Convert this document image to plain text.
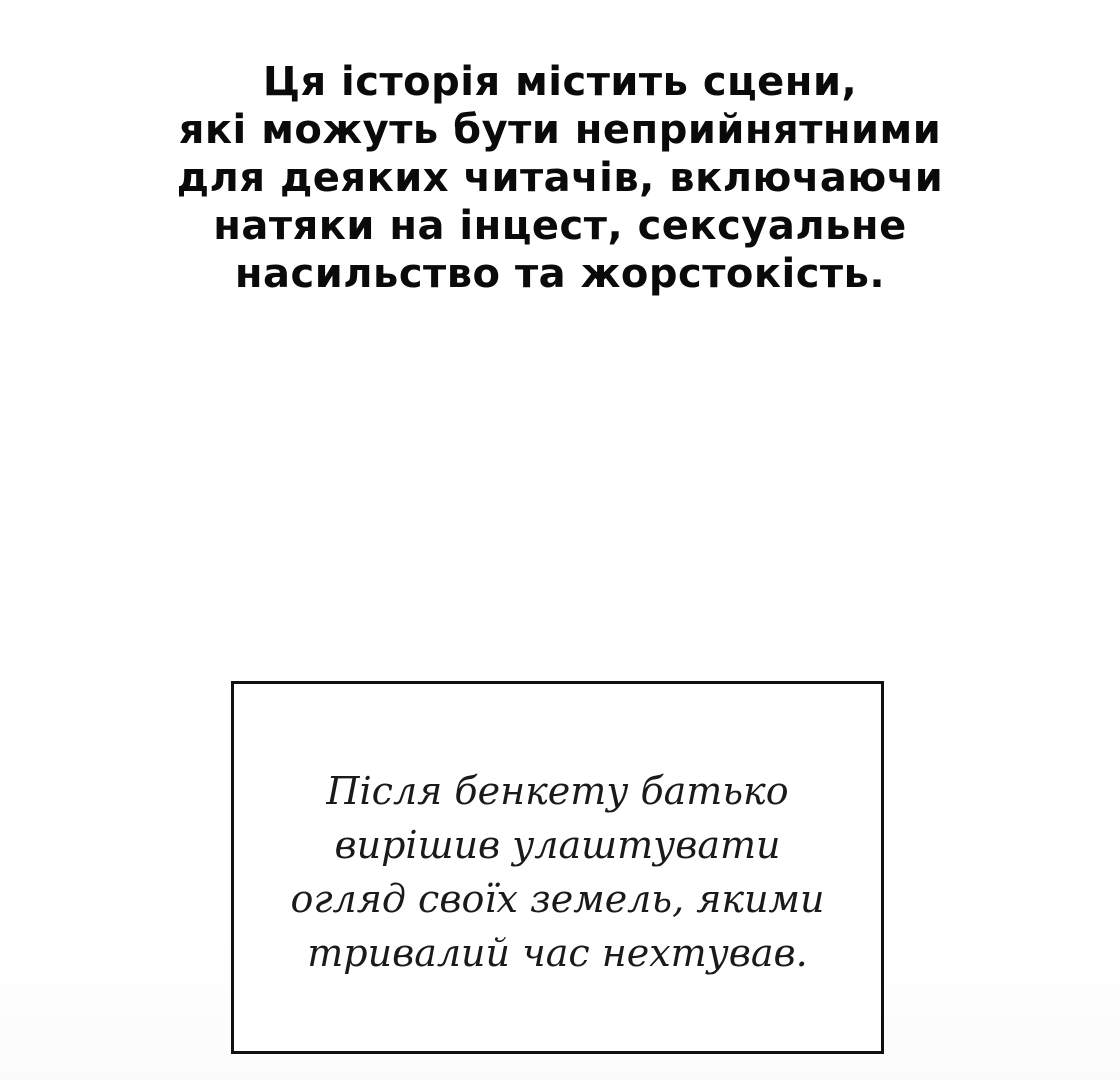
Ця історія містить сцени,
які можуть бути неприйнятними
для деяких читачів, включаючи
натяки на інцест, сексуальне
насильство та жорстокість.
Після бенкету батько
вирішив улаштувати
огляд своїх земель, якими
тривалий час нехтував.
